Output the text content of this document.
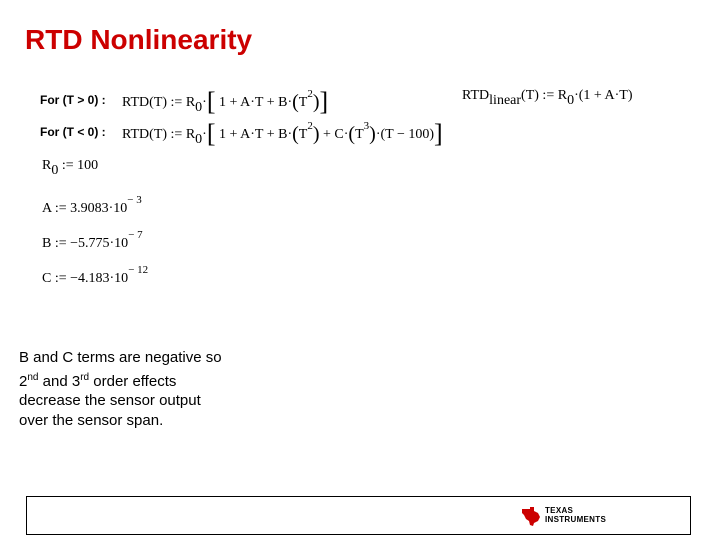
RTD Nonlinearity
For (T > 0) : RTD(T) := R0·[ $1 + A\cdot T + B\cdot(T^2)$]
For (T < 0) : RTD(T) := R0·[ $1 + A\cdot T + B\cdot(T^2) + C\cdot(T^3)\cdot(T - 100)$]
RTDlinear(T) := R0·(1 + A·T)
R0 := 100
A := $3.9083\cdot 10^{- 3}$
B := $-5.775\cdot 10^{- 7}$
C := $-4.183\cdot 10^{- 12}$
B and C terms are negative so
2nd and 3rd order effects
decrease the sensor output
over the sensor span.
TEXAS
INSTRUMENTS
